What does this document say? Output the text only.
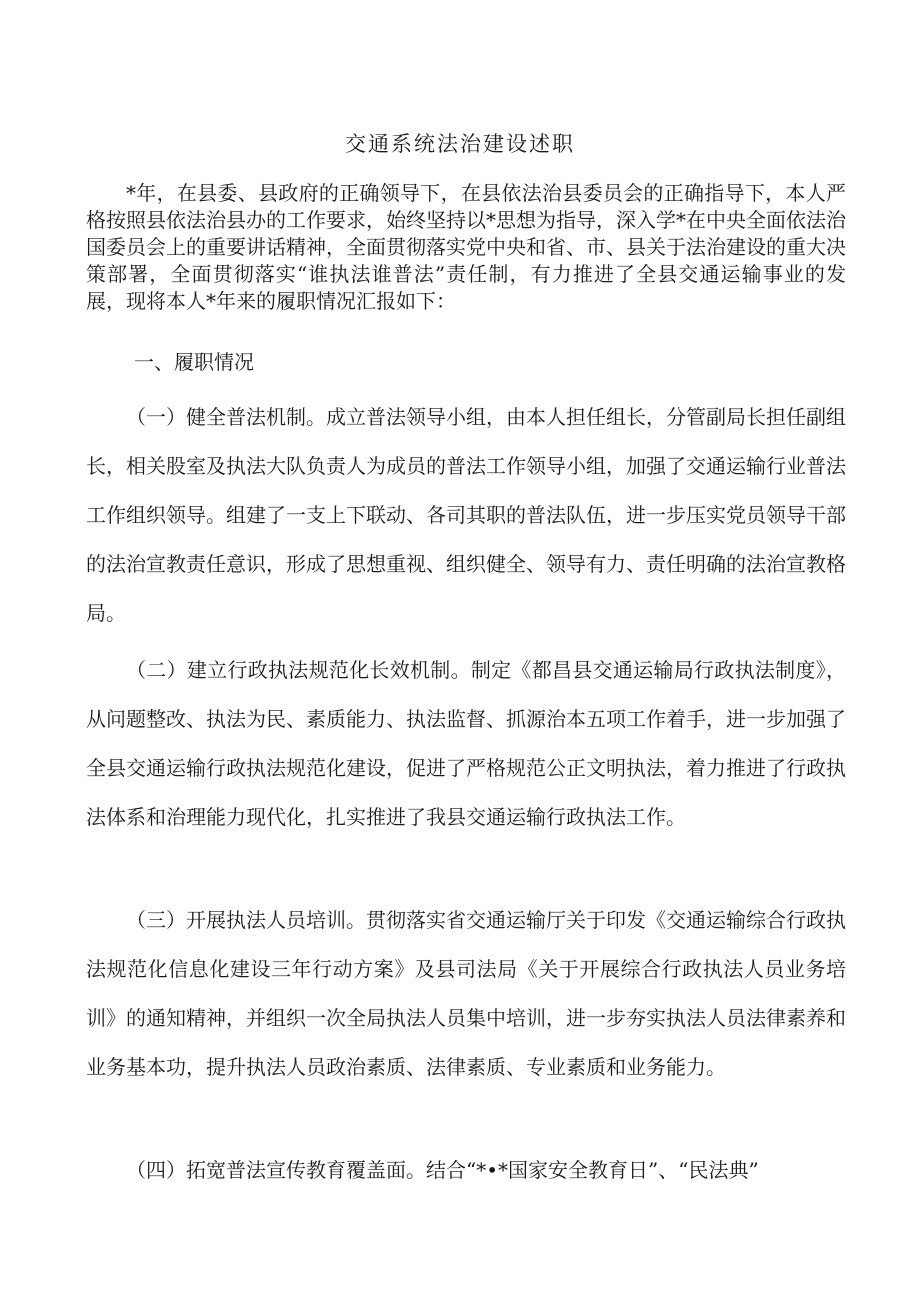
交通系统法治建设述职

*年，在县委、县政府的正确领导下，在县依法治县委员会的正确指导下，本人严格按照县依法治县办的工作要求，始终坚持以*思想为指导，深入学*在中央全面依法治国委员会上的重要讲话精神，全面贯彻落实党中央和省、市、县关于法治建设的重大决策部署，全面贯彻落实“谁执法谁普法”责任制，有力推进了全县交通运输事业的发展，现将本人*年来的履职情况汇报如下：

一、履职情况

（一）健全普法机制。成立普法领导小组，由本人担任组长，分管副局长担任副组长，相关股室及执法大队负责人为成员的普法工作领导小组，加强了交通运输行业普法工作组织领导。组建了一支上下联动、各司其职的普法队伍，进一步压实党员领导干部的法治宣教责任意识，形成了思想重视、组织健全、领导有力、责任明确的法治宣教格局。

（二）建立行政执法规范化长效机制。制定《都昌县交通运输局行政执法制度》，从问题整改、执法为民、素质能力、执法监督、抓源治本五项工作着手，进一步加强了全县交通运输行政执法规范化建设，促进了严格规范公正文明执法，着力推进了行政执法体系和治理能力现代化，扎实推进了我县交通运输行政执法工作。

（三）开展执法人员培训。贯彻落实省交通运输厅关于印发《交通运输综合行政执法规范化信息化建设三年行动方案》及县司法局《关于开展综合行政执法人员业务培训》的通知精神，并组织一次全局执法人员集中培训，进一步夯实执法人员法律素养和业务基本功，提升执法人员政治素质、法律素质、专业素质和业务能力。

（四）拓宽普法宣传教育覆盖面。结合“*•*国家安全教育日”、“民法典”
